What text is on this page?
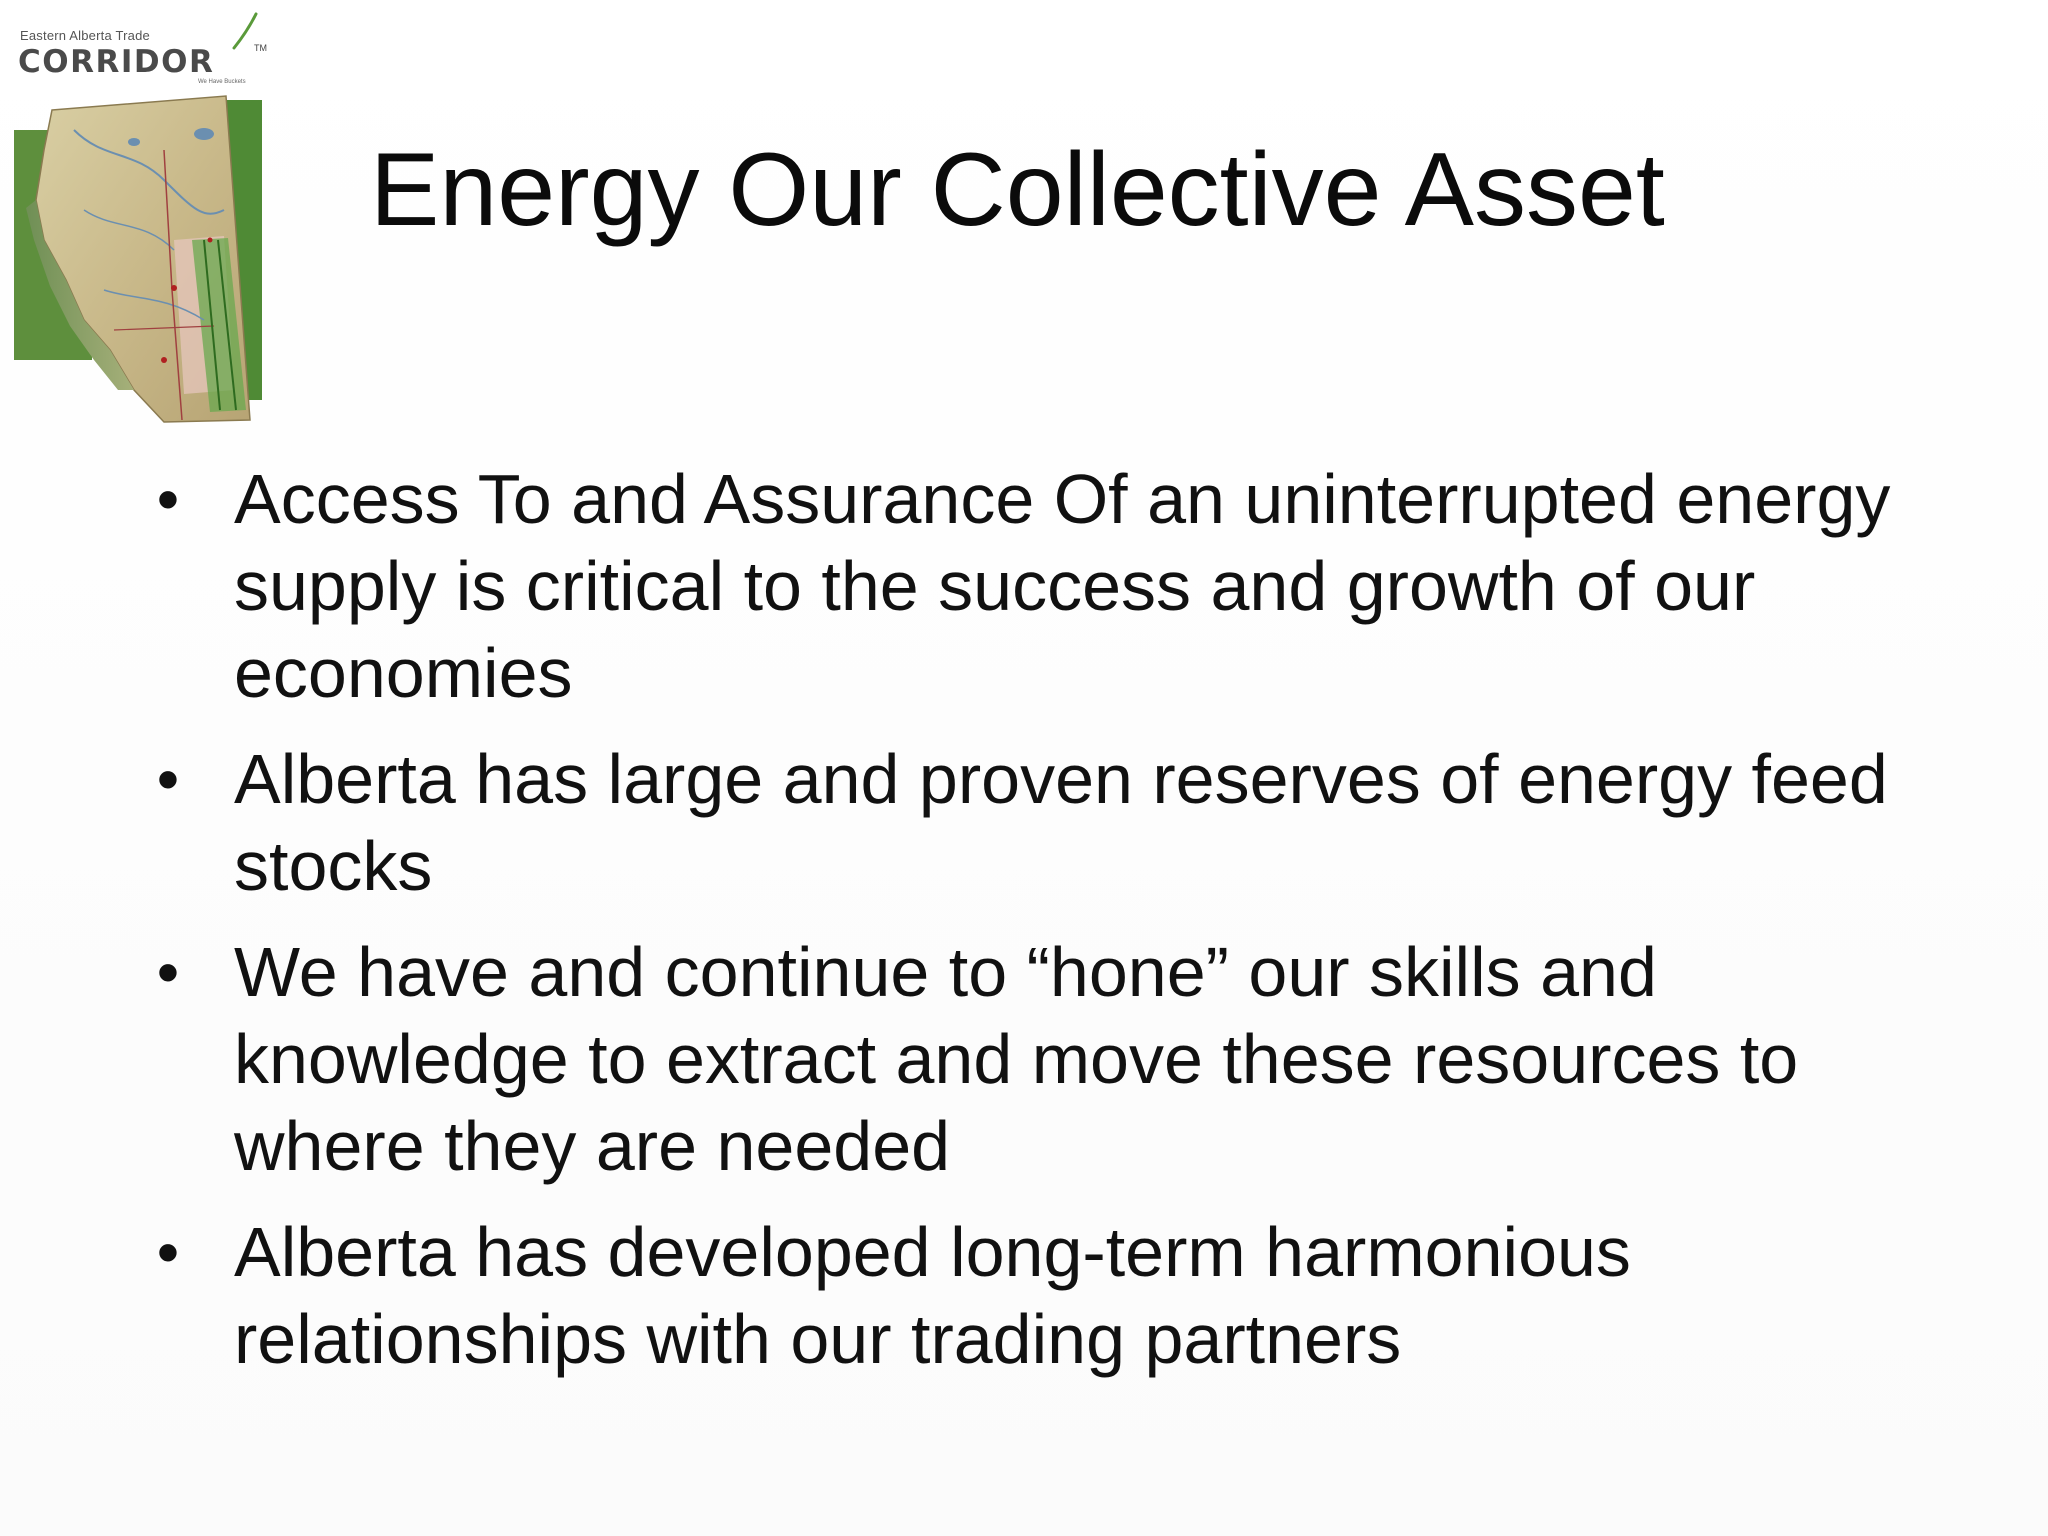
Eastern Alberta Trade
CORRIDOR	TM
We Have Buckets
Energy Our Collective Asset
• Access To and Assurance Of an uninterrupted energy supply is critical to the success and growth of our economies
• Alberta has large and proven reserves of energy feed stocks
• We have and continue to “hone” our skills and knowledge to extract and move these resources to where they are needed
• Alberta has developed long-term harmonious relationships with our trading partners
